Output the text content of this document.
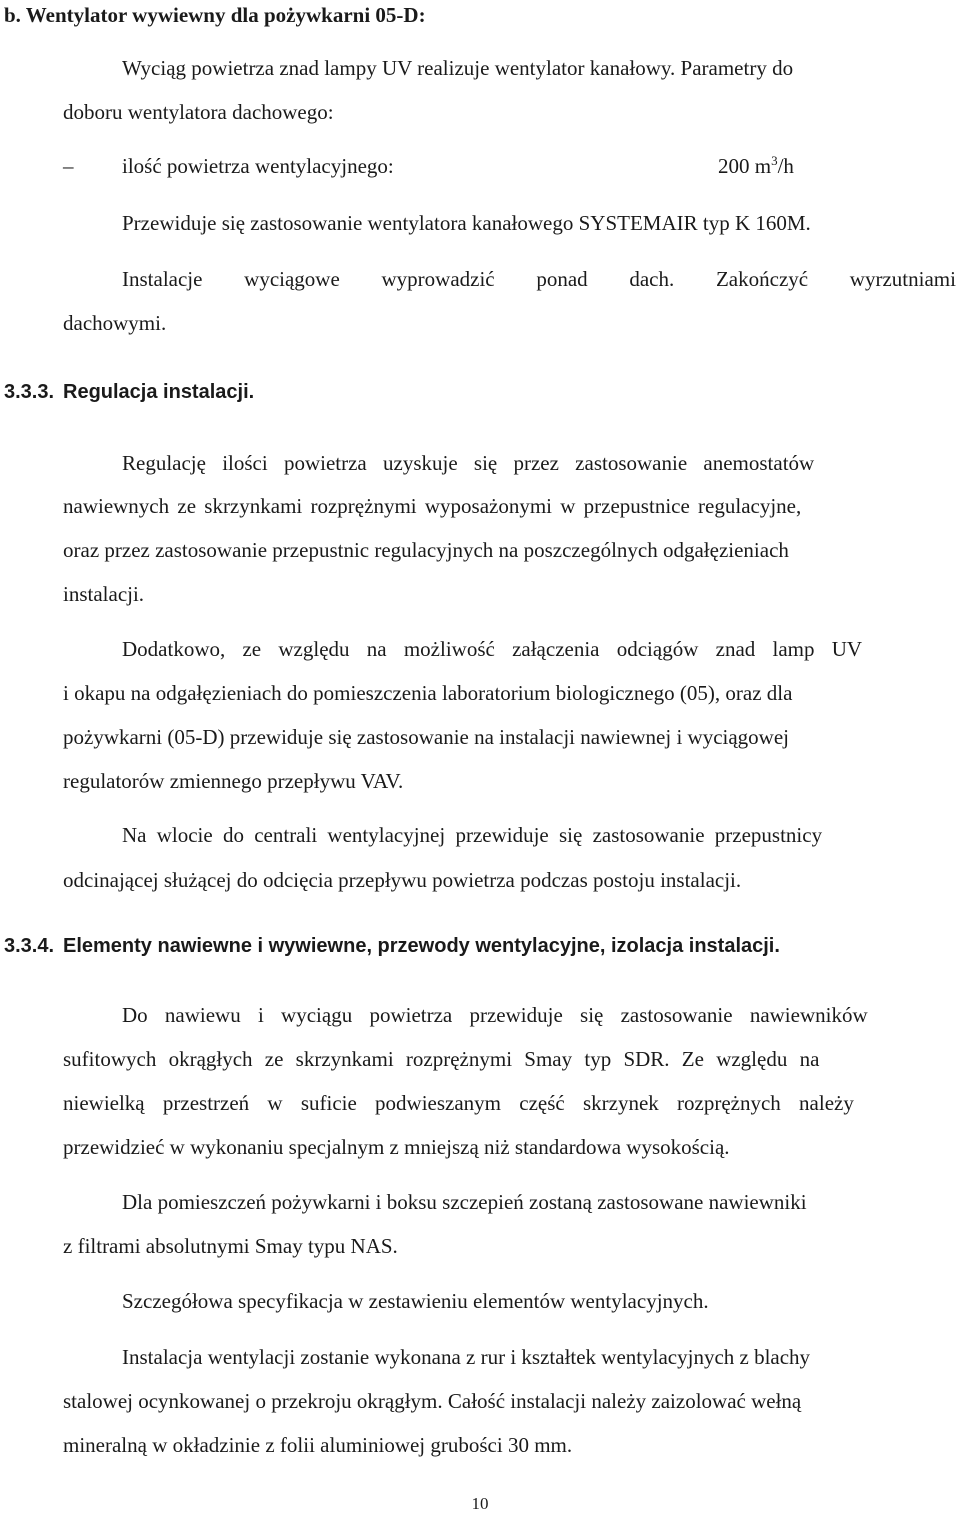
b. Wentylator wywiewny dla pożywkarni 05-D:
Wyciąg powietrza znad lampy UV realizuje wentylator kanałowy. Parametry do
doboru wentylatora dachowego:
– ilość powietrza wentylacyjnego:	200 $m^3/h$
Przewiduje się zastosowanie wentylatora kanałowego SYSTEMAIR typ K 160M.
Instalacje wyciągowe wyprowadzić ponad dach. Zakończyć wyrzutniami
dachowymi.
3.3.3. Regulacja instalacji.
Regulację ilości powietrza uzyskuje się przez zastosowanie anemostatów
nawiewnych ze skrzynkami rozprężnymi wyposażonymi w przepustnice regulacyjne,
oraz przez zastosowanie przepustnic regulacyjnych na poszczególnych odgałęzieniach
instalacji.
Dodatkowo, ze względu na możliwość załączenia odciągów znad lamp UV
i okapu na odgałęzieniach do pomieszczenia laboratorium biologicznego (05), oraz dla
pożywkarni (05-D) przewiduje się zastosowanie na instalacji nawiewnej i wyciągowej
regulatorów zmiennego przepływu VAV.
Na wlocie do centrali wentylacyjnej przewiduje się zastosowanie przepustnicy
odcinającej służącej do odcięcia przepływu powietrza podczas postoju instalacji.
3.3.4. Elementy nawiewne i wywiewne, przewody wentylacyjne, izolacja instalacji.
Do nawiewu i wyciągu powietrza przewiduje się zastosowanie nawiewników
sufitowych okrągłych ze skrzynkami rozprężnymi Smay typ SDR. Ze względu na
niewielką przestrzeń w suficie podwieszanym część skrzynek rozprężnych należy
przewidzieć w wykonaniu specjalnym z mniejszą niż standardowa wysokością.
Dla pomieszczeń pożywkarni i boksu szczepień zostaną zastosowane nawiewniki
z filtrami absolutnymi Smay typu NAS.
Szczegółowa specyfikacja w zestawieniu elementów wentylacyjnych.
Instalacja wentylacji zostanie wykonana z rur i kształtek wentylacyjnych z blachy
stalowej ocynkowanej o przekroju okrągłym. Całość instalacji należy zaizolować wełną
mineralną w okładzinie z folii aluminiowej grubości 30 mm.
10
